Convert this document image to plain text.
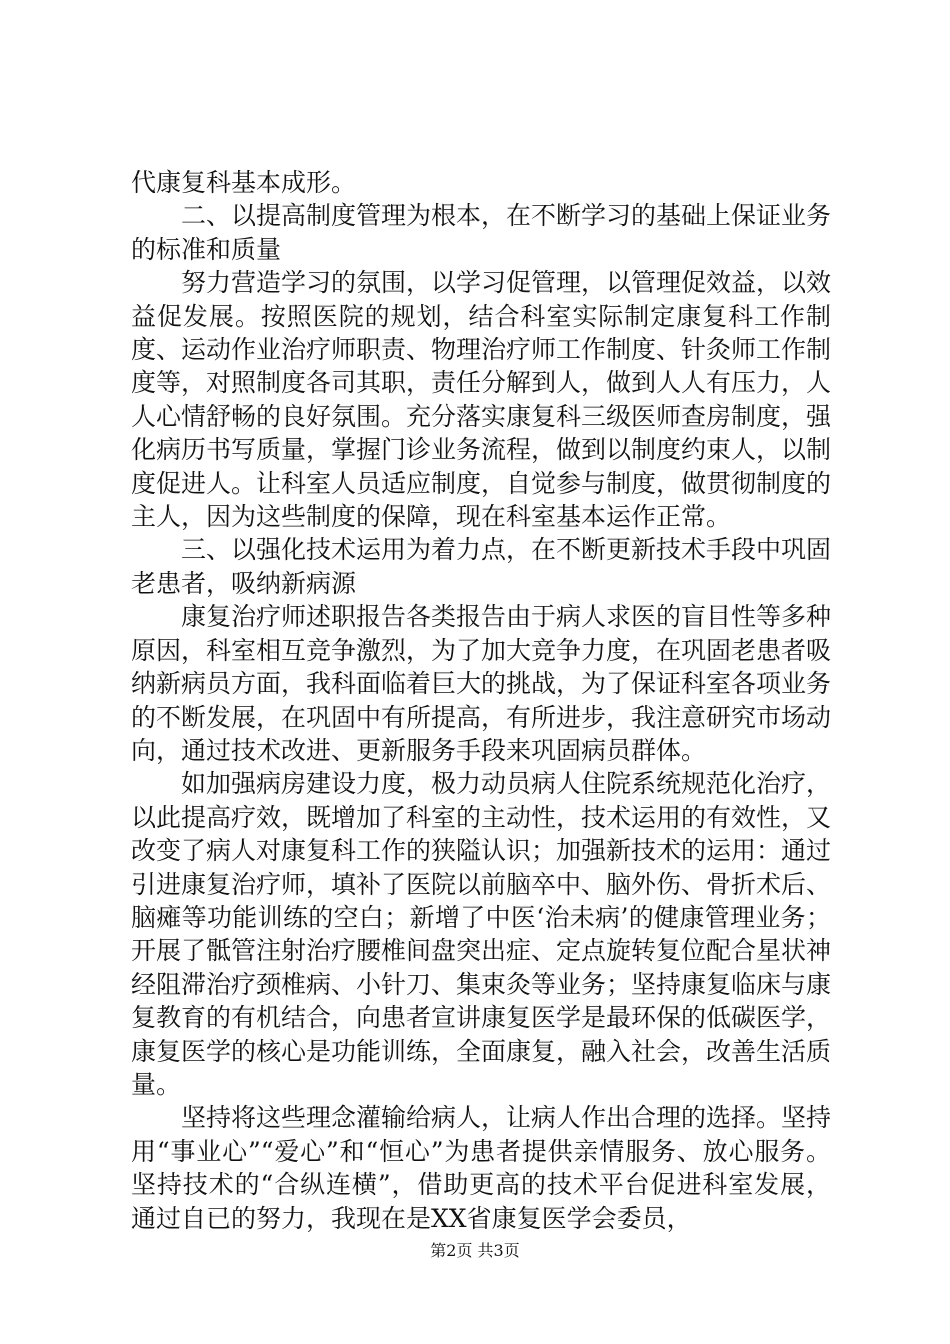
代康复科基本成形。

二、以提高制度管理为根本，在不断学习的基础上保证业务的标准和质量

努力营造学习的氛围，以学习促管理，以管理促效益，以效益促发展。按照医院的规划，结合科室实际制定康复科工作制度、运动作业治疗师职责、物理治疗师工作制度、针灸师工作制度等，对照制度各司其职，责任分解到人，做到人人有压力，人人心情舒畅的良好氛围。充分落实康复科三级医师查房制度，强化病历书写质量，掌握门诊业务流程，做到以制度约束人，以制度促进人。让科室人员适应制度，自觉参与制度，做贯彻制度的主人，因为这些制度的保障，现在科室基本运作正常。

三、以强化技术运用为着力点，在不断更新技术手段中巩固老患者，吸纳新病源

康复治疗师述职报告各类报告由于病人求医的盲目性等多种原因，科室相互竞争激烈，为了加大竞争力度，在巩固老患者吸纳新病员方面，我科面临着巨大的挑战，为了保证科室各项业务的不断发展，在巩固中有所提高，有所进步，我注意研究市场动向，通过技术改进、更新服务手段来巩固病员群体。

如加强病房建设力度，极力动员病人住院系统规范化治疗，以此提高疗效，既增加了科室的主动性，技术运用的有效性，又改变了病人对康复科工作的狭隘认识；加强新技术的运用：通过引进康复治疗师，填补了医院以前脑卒中、脑外伤、骨折术后、脑瘫等功能训练的空白；新增了中医‘治未病’的健康管理业务；开展了骶管注射治疗腰椎间盘突出症、定点旋转复位配合星状神经阻滞治疗颈椎病、小针刀、集束灸等业务；坚持康复临床与康复教育的有机结合，向患者宣讲康复医学是最环保的低碳医学，康复医学的核心是功能训练，全面康复，融入社会，改善生活质量。

坚持将这些理念灌输给病人，让病人作出合理的选择。坚持用“事业心”“爱心”和“恒心”为患者提供亲情服务、放心服务。坚持技术的“合纵连横”，借助更高的技术平台促进科室发展，通过自已的努力，我现在是XX省康复医学会委员，

第2页 共3页
